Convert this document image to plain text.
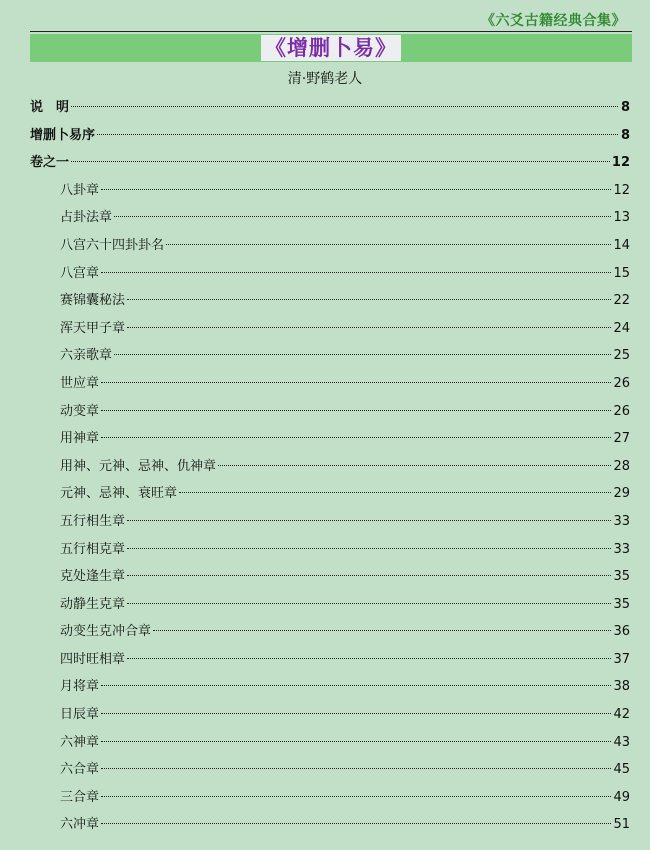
《六爻古籍经典合集》
《增删卜易》
清·野鹤老人
说　明	8
增删卜易序	8
卷之一	12
八卦章	12
占卦法章	13
八宫六十四卦卦名	14
八宫章	15
赛锦囊秘法	22
浑天甲子章	24
六亲歌章	25
世应章	26
动变章	26
用神章	27
用神、元神、忌神、仇神章	28
元神、忌神、衰旺章	29
五行相生章	33
五行相克章	33
克处逢生章	35
动静生克章	35
动变生克冲合章	36
四时旺相章	37
月将章	38
日辰章	42
六神章	43
六合章	45
三合章	49
六冲章	51
